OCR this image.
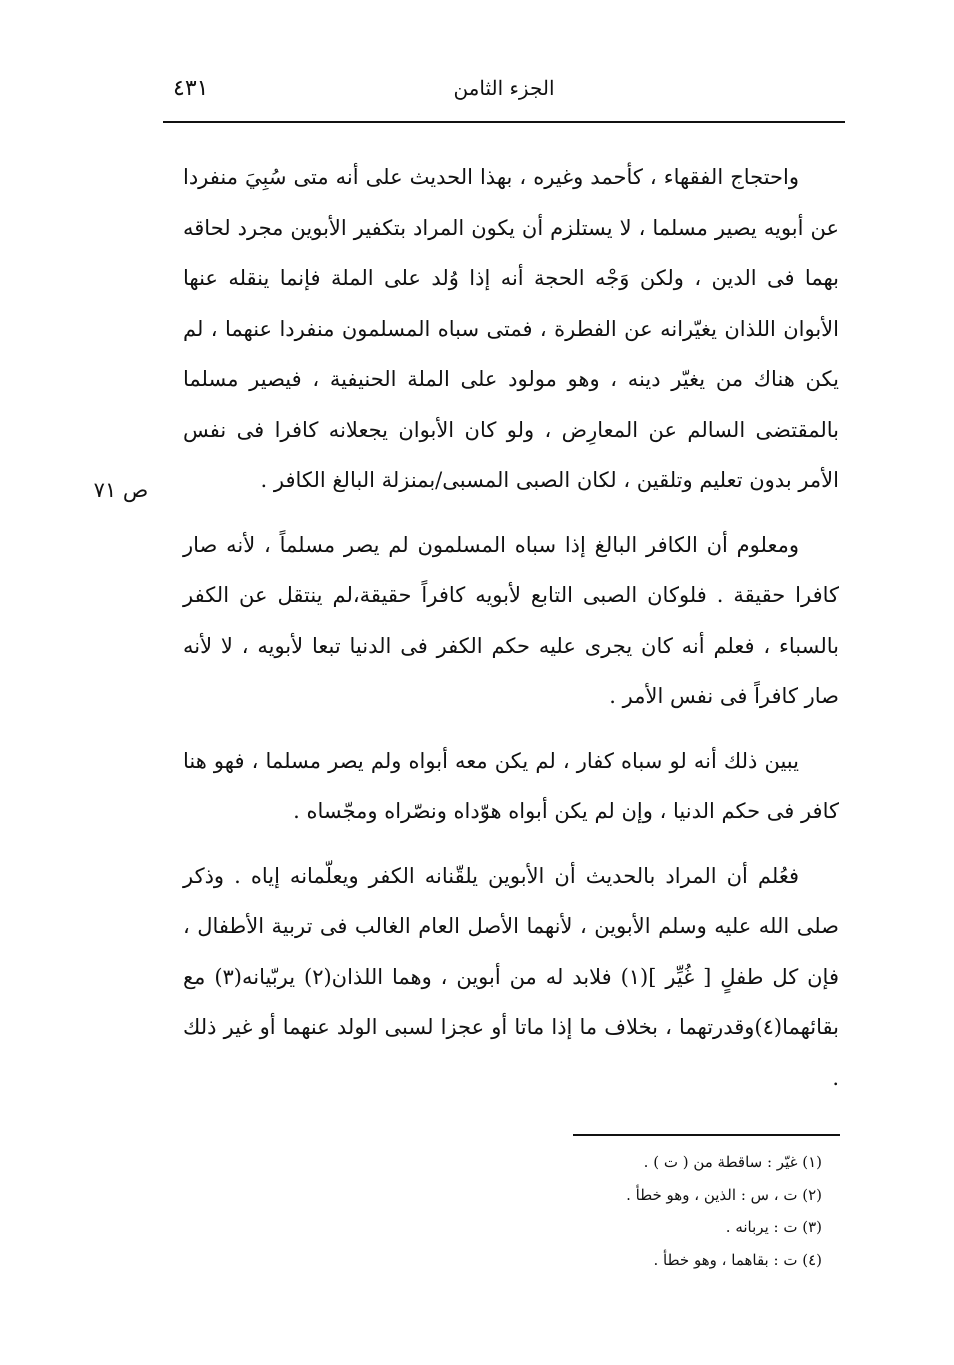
الجزء الثامن
٤٣١
ص ٧١

واحتجاج الفقهاء ، كأحمد وغيره ، بهذا الحديث على أنه متى سُبِيَ منفردا عن أبويه يصير مسلما ، لا يستلزم أن يكون المراد بتكفير الأبوين مجرد لحاقه بهما فى الدين ، ولكن وَجْه الحجة أنه إذا وُلد على الملة فإنما ينقله عنها الأبوان اللذان يغيّرانه عن الفطرة ، فمتى سباه المسلمون منفردا عنهما ، لم يكن هناك من يغيّر دينه ، وهو مولود على الملة الحنيفية ، فيصير مسلما بالمقتضى السالم عن المعارِض ، ولو كان الأبوان يجعلانه كافرا فى نفس الأمر بدون تعليم وتلقين ، لكان الصبى المسبى/بمنزلة البالغ الكافر .

ومعلوم أن الكافر البالغ إذا سباه المسلمون لم يصر مسلماً ، لأنه صار كافرا حقيقة . فلوكان الصبى التابع لأبويه كافراً حقيقة،لم ينتقل عن الكفر بالسباء ، فعلم أنه كان يجرى عليه حكم الكفر فى الدنيا تبعا لأبويه ، لا لأنه صار كافراً فى نفس الأمر .

يبين ذلك أنه لو سباه كفار ، لم يكن معه أبواه ولم يصر مسلما ، فهو هنا كافر فى حكم الدنيا ، وإن لم يكن أبواه هوّداه ونصّراه ومجّساه .

فعُلم أن المراد بالحديث أن الأبوين يلقّنانه الكفر ويعلّمانه إياه . وذكر صلى الله عليه وسلم الأبوين ، لأنهما الأصل العام الغالب فى تربية الأطفال ، فإن كل طفلٍ [ غُيِّر ](١) فلابد له من أبوين ، وهما اللذان(٢) يربّيانه(٣) مع بقائهما(٤)وقدرتهما ، بخلاف ما إذا ماتا أو عجزا لسبى الولد عنهما أو غير ذلك .

(١) غيّر : ساقطة من ( ت ) .

(٢) ت ، س : الذين ، وهو خطأ .

(٣) ت : يربانه .

(٤) ت : بقاهما ، وهو خطأ .
